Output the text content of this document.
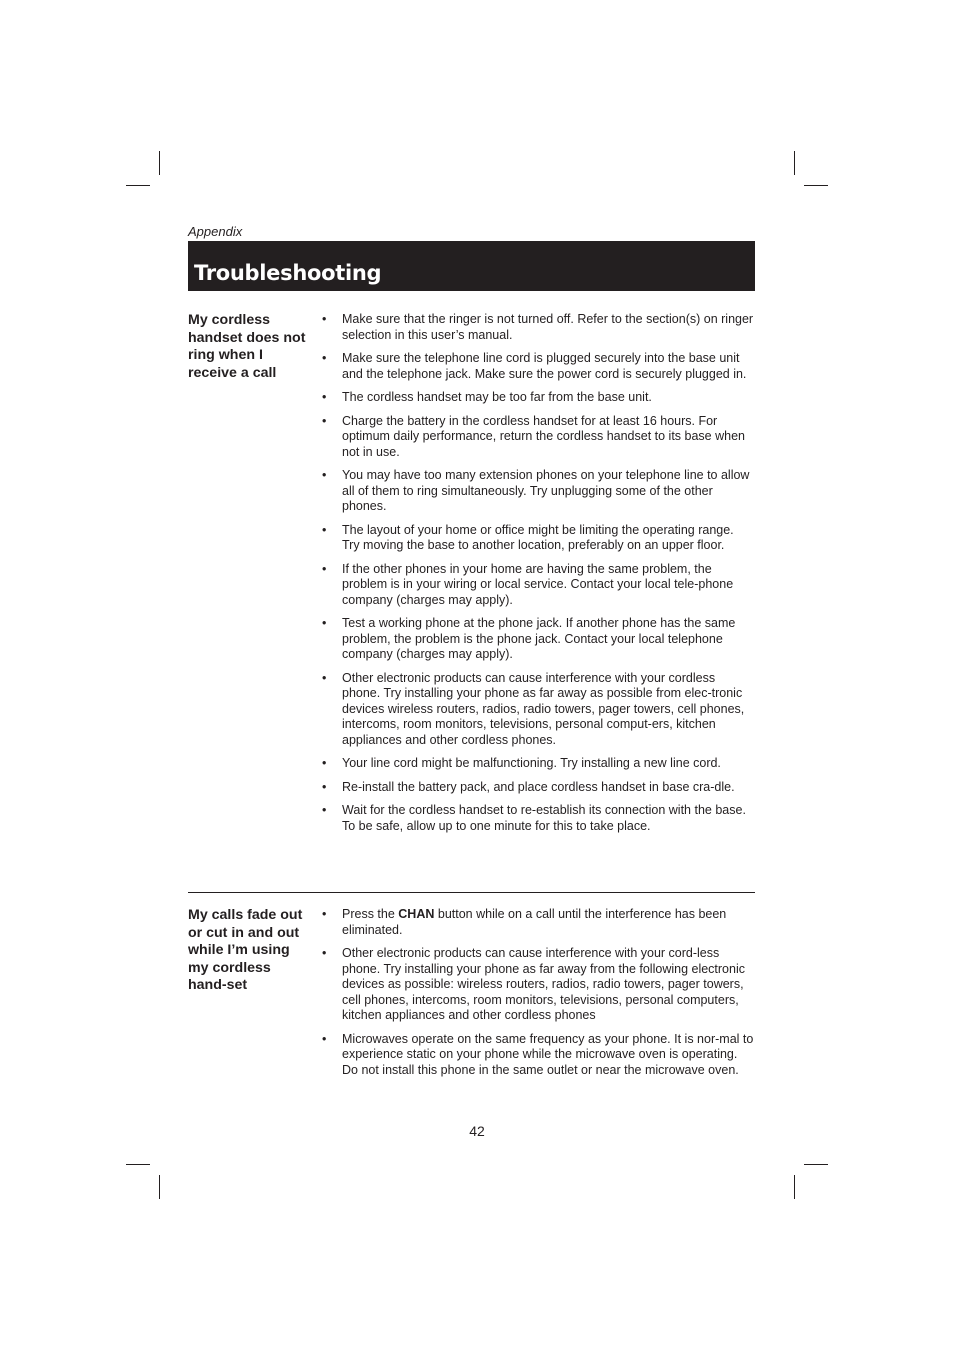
Appendix
Troubleshooting
My cordless handset does not ring when I receive a call
• Make sure that the ringer is not turned off. Refer to the section(s) on ringer selection in this user’s manual.
• Make sure the telephone line cord is plugged securely into the base unit and the telephone jack. Make sure the power cord is securely plugged in.
• The cordless handset may be too far from the base unit.
• Charge the battery in the cordless handset for at least 16 hours. For optimum daily performance, return the cordless handset to its base when not in use.
• You may have too many extension phones on your telephone line to allow all of them to ring simultaneously. Try unplugging some of the other phones.
• The layout of your home or office might be limiting the operating range. Try moving the base to another location, preferably on an upper floor.
• If the other phones in your home are having the same problem, the problem is in your wiring or local service. Contact your local tele-phone company (charges may apply).
• Test a working phone at the phone jack. If another phone has the same problem, the problem is the phone jack. Contact your local telephone company (charges may apply).
• Other electronic products can cause interference with your cordless phone. Try installing your phone as far away as possible from elec-tronic devices wireless routers, radios, radio towers, pager towers, cell phones, intercoms, room monitors, televisions, personal comput-ers, kitchen appliances and other cordless phones.
• Your line cord might be malfunctioning. Try installing a new line cord.
• Re-install the battery pack, and place cordless handset in base cra-dle.
• Wait for the cordless handset to re-establish its connection with the base. To be safe, allow up to one minute for this to take place.
My calls fade out or cut in and out while I’m using my cordless hand-set
• Press the CHAN button while on a call until the interference has been eliminated.
• Other electronic products can cause interference with your cord-less phone. Try installing your phone as far away from the following electronic devices as possible: wireless routers, radios, radio towers, pager towers, cell phones, intercoms, room monitors, televisions, personal computers, kitchen appliances and other cordless phones
• Microwaves operate on the same frequency as your phone. It is nor-mal to experience static on your phone while the microwave oven is operating. Do not install this phone in the same outlet or near the microwave oven.
42
